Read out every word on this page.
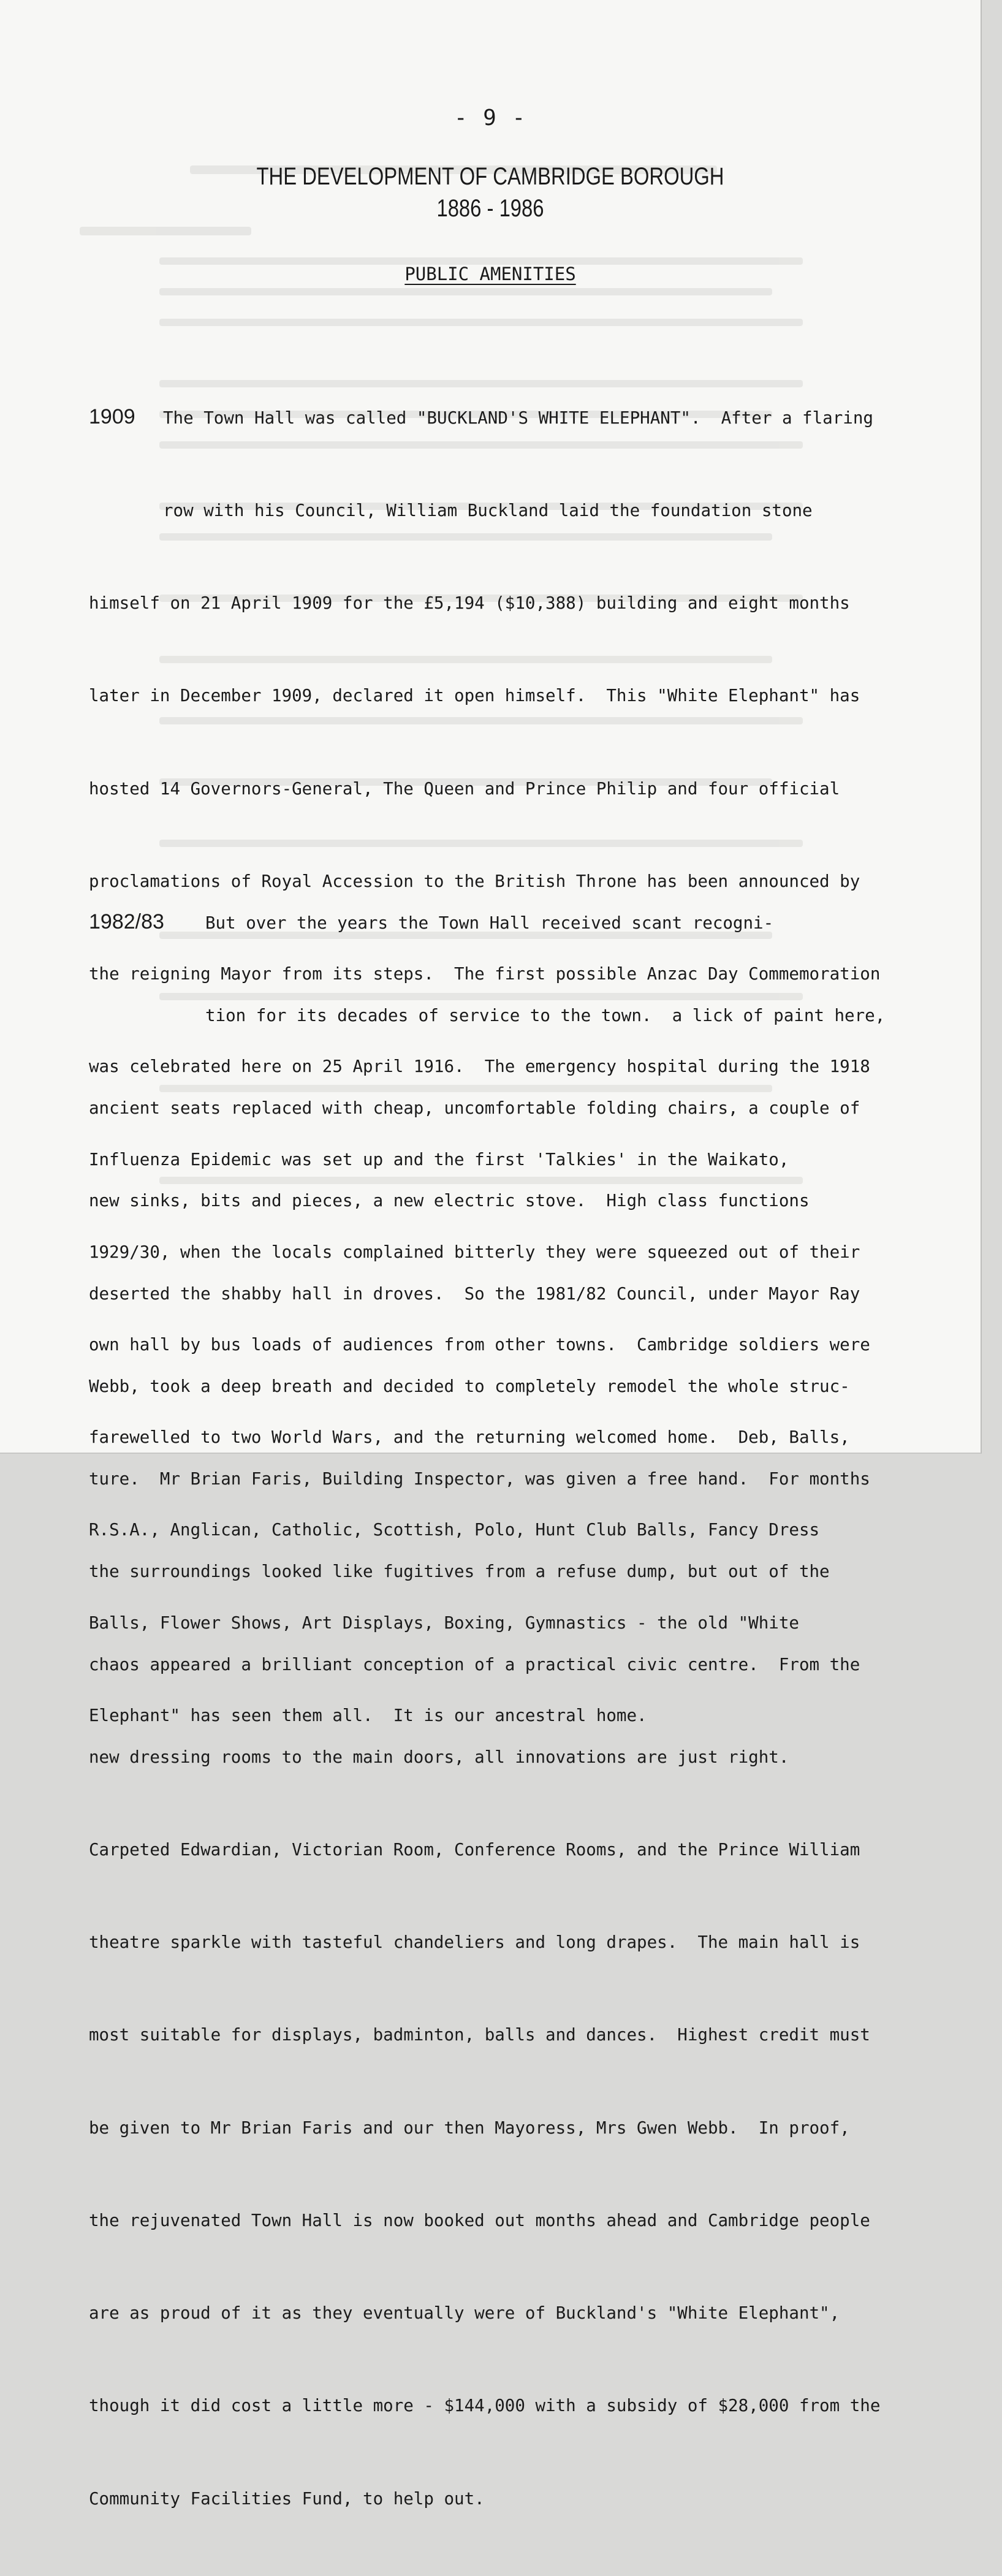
- 9 -
THE DEVELOPMENT OF CAMBRIDGE BOROUGH
1886 - 1986
PUBLIC AMENITIES

1909 The Town Hall was called "BUCKLAND'S WHITE ELEPHANT".  After a flaring

row with his Council, William Buckland laid the foundation stone

himself on 21 April 1909 for the £5,194 ($10,388) building and eight months

later in December 1909, declared it open himself.  This "White Elephant" has

hosted 14 Governors-General, The Queen and Prince Philip and four official

proclamations of Royal Accession to the British Throne has been announced by

the reigning Mayor from its steps.  The first possible Anzac Day Commemoration

was celebrated here on 25 April 1916.  The emergency hospital during the 1918

Influenza Epidemic was set up and the first 'Talkies' in the Waikato,

1929/30, when the locals complained bitterly they were squeezed out of their

own hall by bus loads of audiences from other towns.  Cambridge soldiers were

farewelled to two World Wars, and the returning welcomed home.  Deb, Balls,

R.S.A., Anglican, Catholic, Scottish, Polo, Hunt Club Balls, Fancy Dress

Balls, Flower Shows, Art Displays, Boxing, Gymnastics - the old "White

Elephant" has seen them all.  It is our ancestral home.

1982/83 But over the years the Town Hall received scant recogni-

tion for its decades of service to the town.  a lick of paint here,

ancient seats replaced with cheap, uncomfortable folding chairs, a couple of

new sinks, bits and pieces, a new electric stove.  High class functions

deserted the shabby hall in droves.  So the 1981/82 Council, under Mayor Ray

Webb, took a deep breath and decided to completely remodel the whole struc-

ture.  Mr Brian Faris, Building Inspector, was given a free hand.  For months

the surroundings looked like fugitives from a refuse dump, but out of the

chaos appeared a brilliant conception of a practical civic centre.  From the

new dressing rooms to the main doors, all innovations are just right.

Carpeted Edwardian, Victorian Room, Conference Rooms, and the Prince William

theatre sparkle with tasteful chandeliers and long drapes.  The main hall is

most suitable for displays, badminton, balls and dances.  Highest credit must

be given to Mr Brian Faris and our then Mayoress, Mrs Gwen Webb.  In proof,

the rejuvenated Town Hall is now booked out months ahead and Cambridge people

are as proud of it as they eventually were of Buckland's "White Elephant",

though it did cost a little more - $144,000 with a subsidy of $28,000 from the

Community Facilities Fund, to help out.
